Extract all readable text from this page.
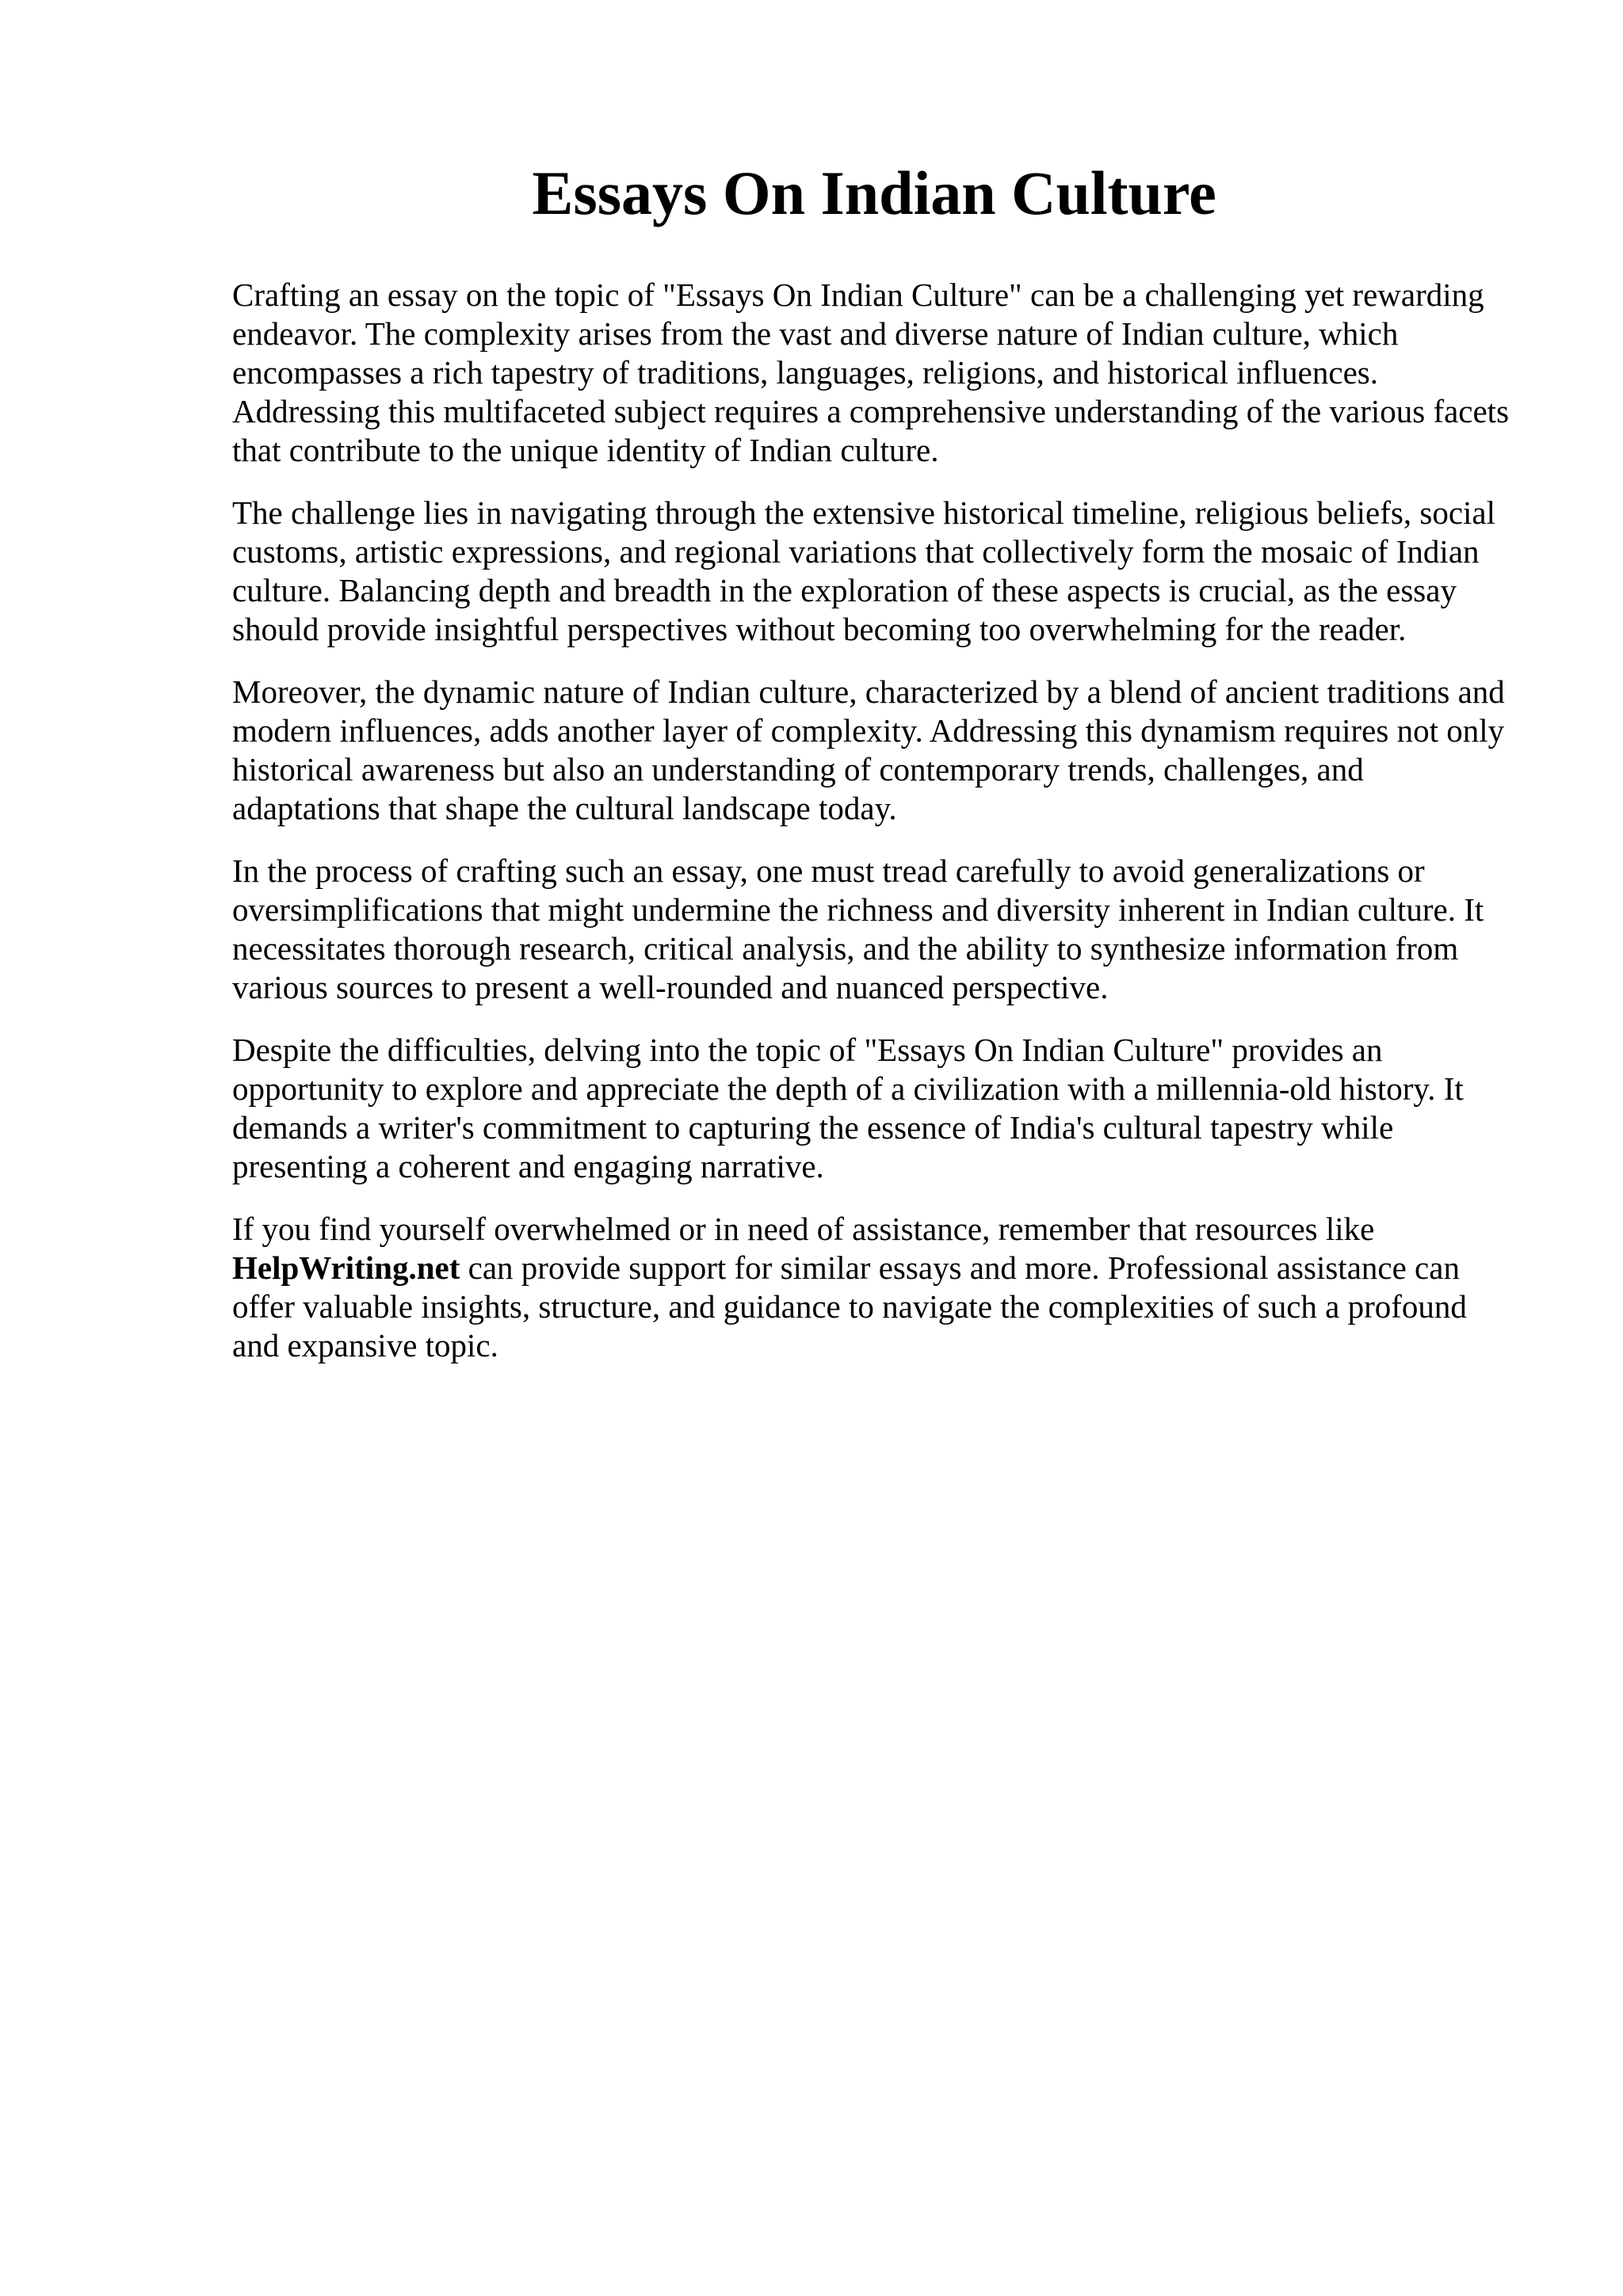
Essays On Indian Culture

Crafting an essay on the topic of "Essays On Indian Culture" can be a challenging yet rewarding endeavor. The complexity arises from the vast and diverse nature of Indian culture, which encompasses a rich tapestry of traditions, languages, religions, and historical influences. Addressing this multifaceted subject requires a comprehensive understanding of the various facets that contribute to the unique identity of Indian culture.

The challenge lies in navigating through the extensive historical timeline, religious beliefs, social customs, artistic expressions, and regional variations that collectively form the mosaic of Indian culture. Balancing depth and breadth in the exploration of these aspects is crucial, as the essay should provide insightful perspectives without becoming too overwhelming for the reader.

Moreover, the dynamic nature of Indian culture, characterized by a blend of ancient traditions and modern influences, adds another layer of complexity. Addressing this dynamism requires not only historical awareness but also an understanding of contemporary trends, challenges, and adaptations that shape the cultural landscape today.

In the process of crafting such an essay, one must tread carefully to avoid generalizations or oversimplifications that might undermine the richness and diversity inherent in Indian culture. It necessitates thorough research, critical analysis, and the ability to synthesize information from various sources to present a well-rounded and nuanced perspective.

Despite the difficulties, delving into the topic of "Essays On Indian Culture" provides an opportunity to explore and appreciate the depth of a civilization with a millennia-old history. It demands a writer's commitment to capturing the essence of India's cultural tapestry while presenting a coherent and engaging narrative.

If you find yourself overwhelmed or in need of assistance, remember that resources like HelpWriting.net can provide support for similar essays and more. Professional assistance can offer valuable insights, structure, and guidance to navigate the complexities of such a profound and expansive topic.
